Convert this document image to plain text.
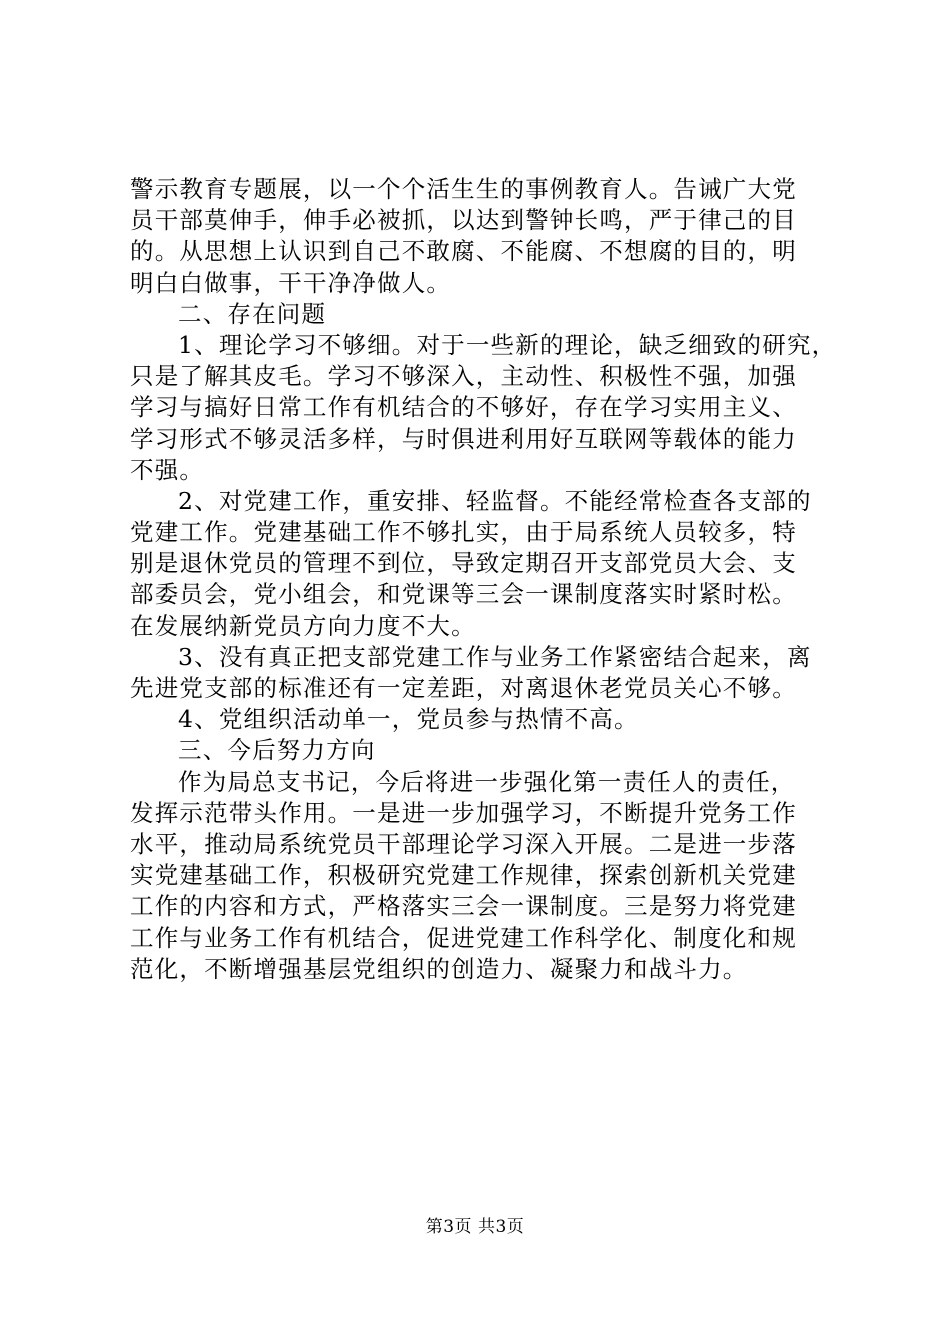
警示教育专题展，以一个个活生生的事例教育人。告诫广大党
员干部莫伸手，伸手必被抓，以达到警钟长鸣，严于律己的目
的。从思想上认识到自己不敢腐、不能腐、不想腐的目的，明
明白白做事，干干净净做人。
二、存在问题
1、理论学习不够细。对于一些新的理论，缺乏细致的研究，
只是了解其皮毛。学习不够深入，主动性、积极性不强，加强
学习与搞好日常工作有机结合的不够好，存在学习实用主义、
学习形式不够灵活多样，与时俱进利用好互联网等载体的能力
不强。
2、对党建工作，重安排、轻监督。不能经常检查各支部的
党建工作。党建基础工作不够扎实，由于局系统人员较多，特
别是退休党员的管理不到位，导致定期召开支部党员大会、支
部委员会，党小组会，和党课等三会一课制度落实时紧时松。
在发展纳新党员方向力度不大。
3、没有真正把支部党建工作与业务工作紧密结合起来，离
先进党支部的标准还有一定差距，对离退休老党员关心不够。
4、党组织活动单一，党员参与热情不高。
三、今后努力方向
作为局总支书记，今后将进一步强化第一责任人的责任，
发挥示范带头作用。一是进一步加强学习，不断提升党务工作
水平，推动局系统党员干部理论学习深入开展。二是进一步落
实党建基础工作，积极研究党建工作规律，探索创新机关党建
工作的内容和方式，严格落实三会一课制度。三是努力将党建
工作与业务工作有机结合，促进党建工作科学化、制度化和规
范化，不断增强基层党组织的创造力、凝聚力和战斗力。
第3页 共3页
